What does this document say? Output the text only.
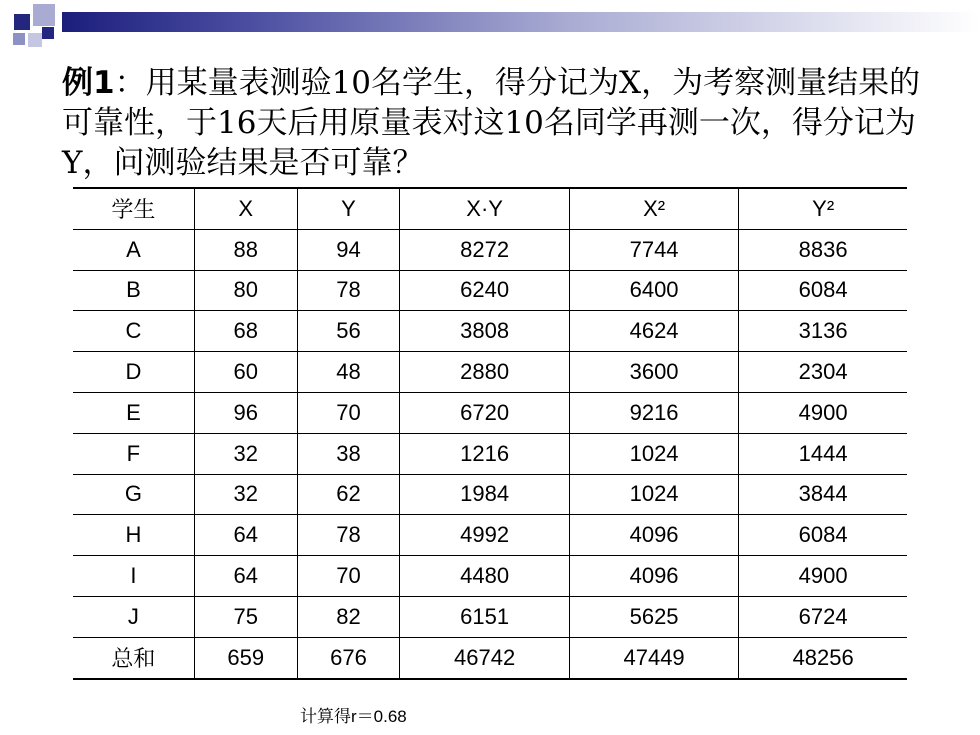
例1：用某量表测验10名学生，得分记为X，为考察测量结果的可靠性，于16天后用原量表对这10名同学再测一次，得分记为Y，问测验结果是否可靠？
学生	X	Y	X·Y	X²	Y²
A	88	94	8272	7744	8836
B	80	78	6240	6400	6084
C	68	56	3808	4624	3136
D	60	48	2880	3600	2304
E	96	70	6720	9216	4900
F	32	38	1216	1024	1444
G	32	62	1984	1024	3844
H	64	78	4992	4096	6084
I	64	70	4480	4096	4900
J	75	82	6151	5625	6724
总和	659	676	46742	47449	48256
计算得r＝0.68
